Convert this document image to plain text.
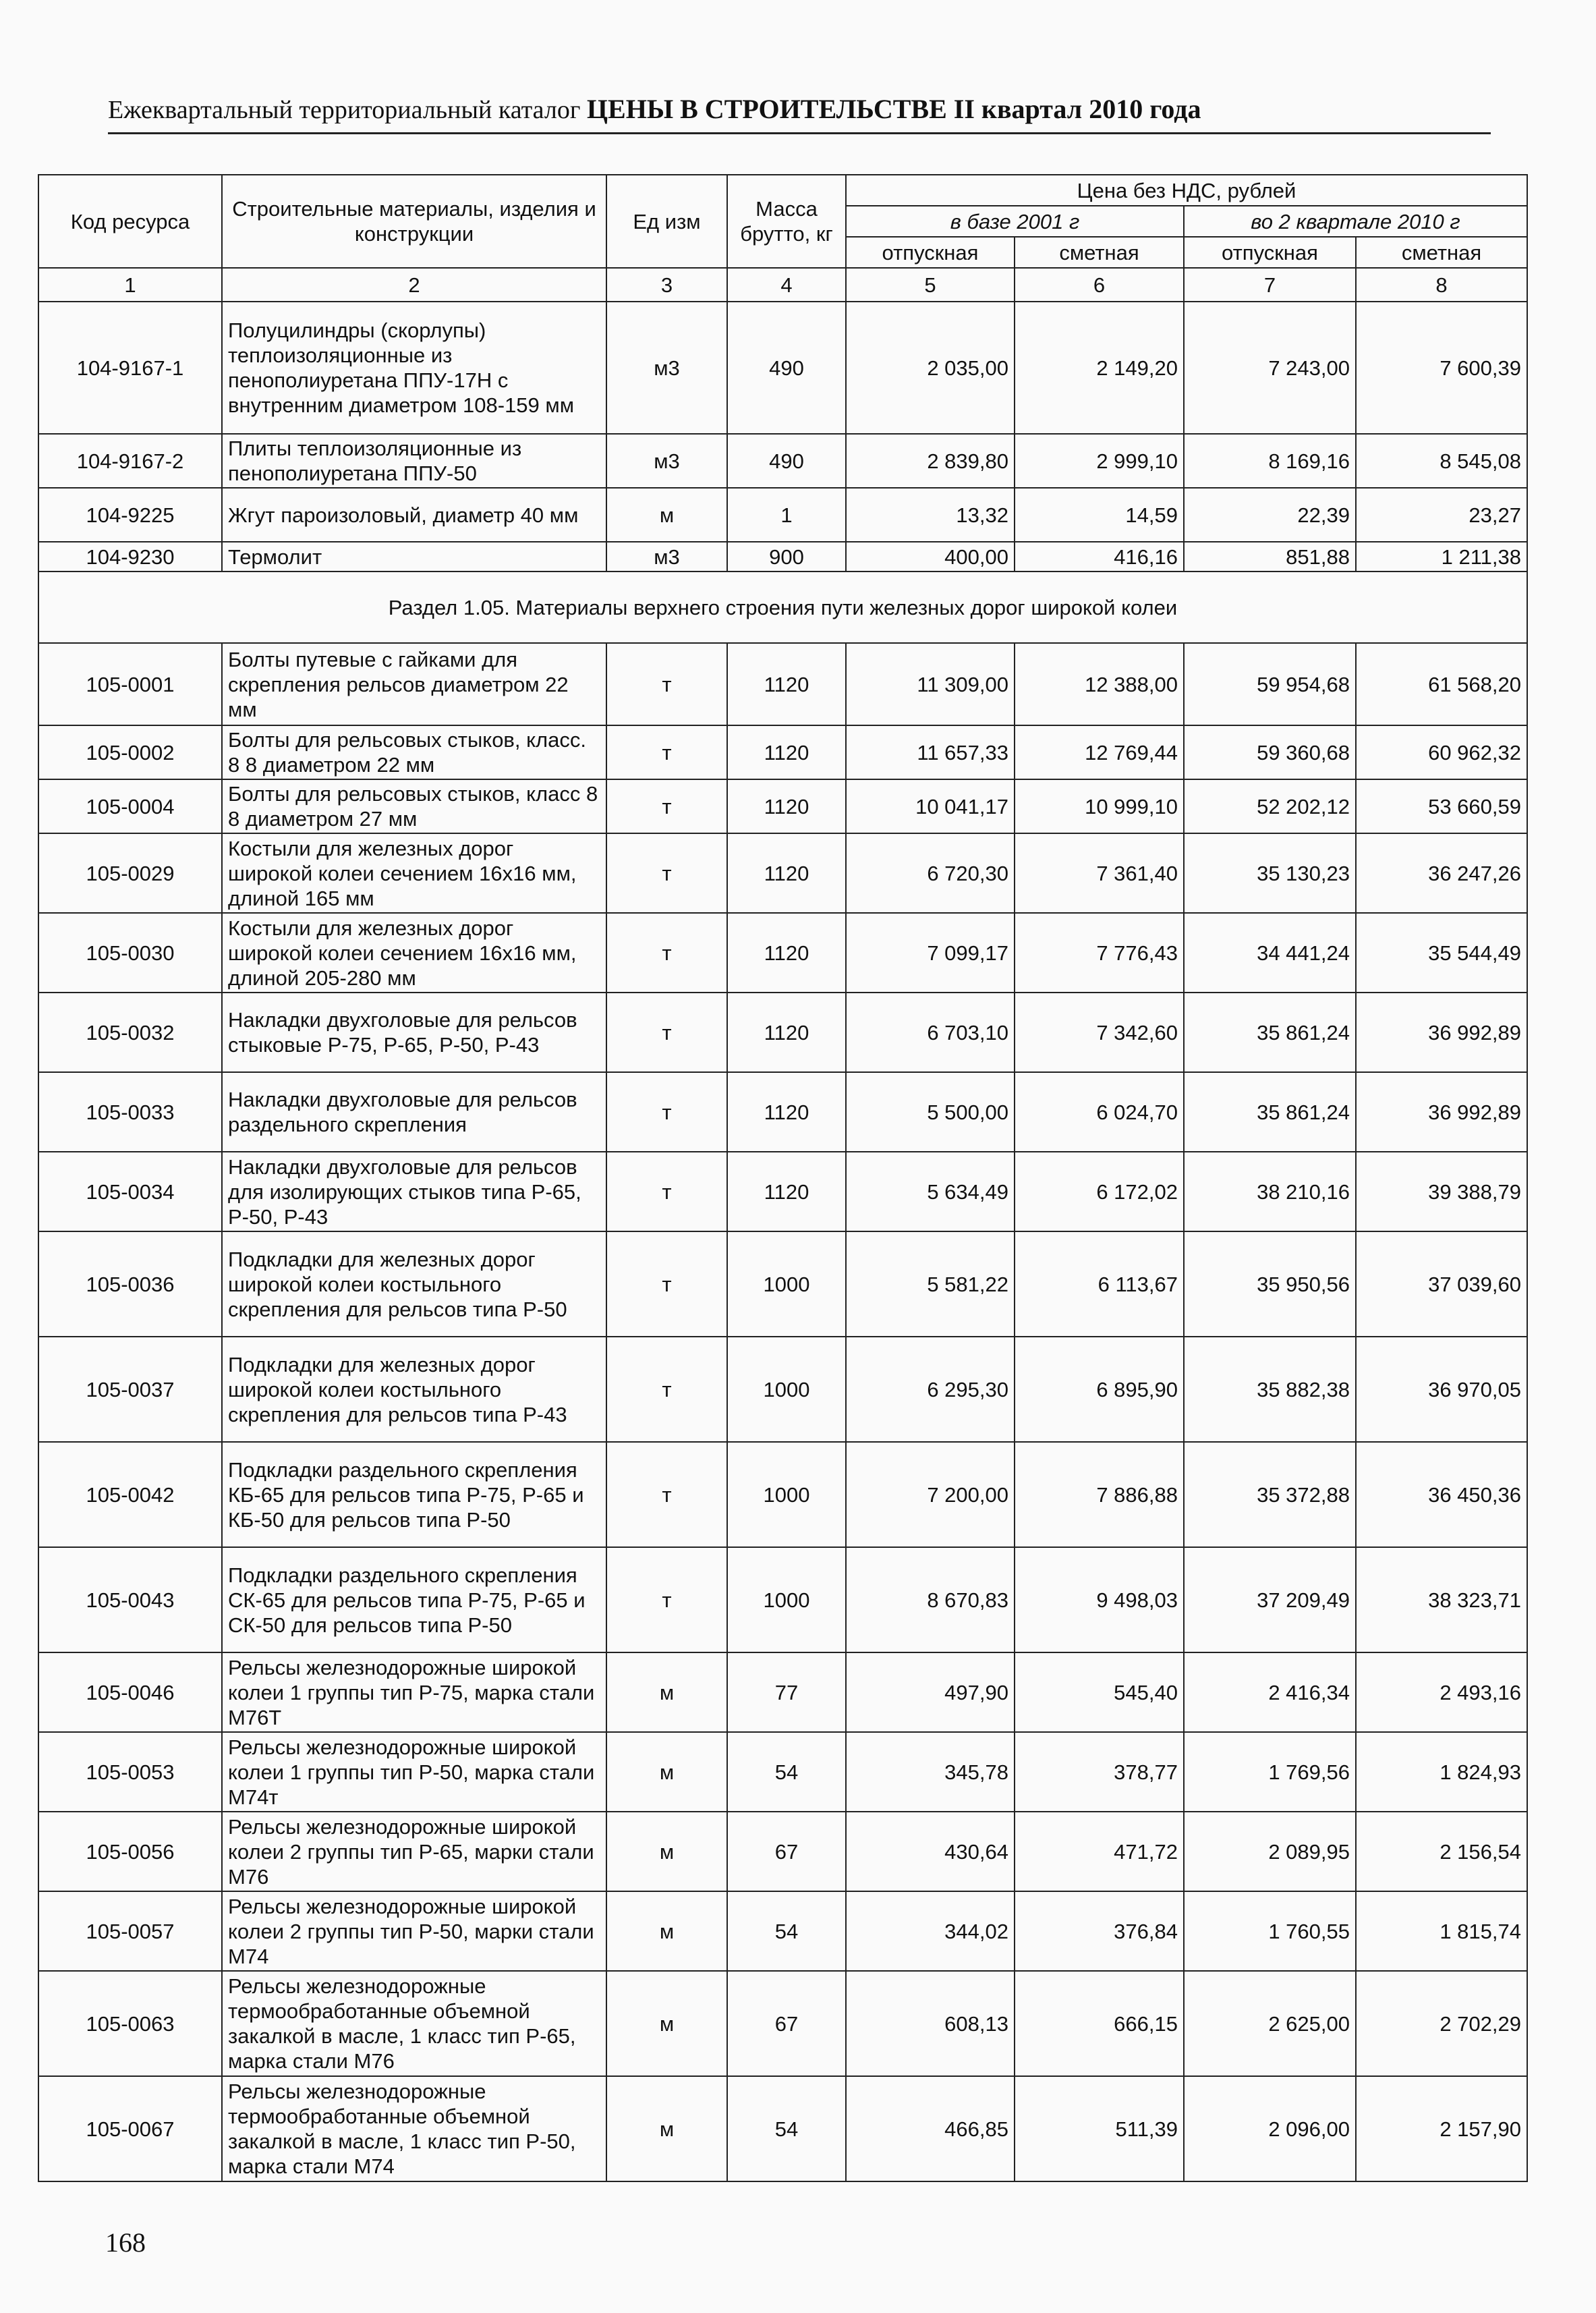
Ежеквартальный территориальный каталог ЦЕНЫ В СТРОИТЕЛЬСТВЕ II квартал 2010 года
Код ресурса	Строительные материалы, изделия и конструкции	Ед изм	Масса брутто, кг	Цена без НДС, рублей			
				в базе 2001 г		во 2 квартале 2010 г	
				отпускная	сметная	отпускная	сметная
1	2	3	4	5	6	7	8
104-9167-1	Полуцилиндры (скорлупы) теплоизоляционные из пенополиуретана ППУ-17Н с внутренним диаметром 108-159 мм	м3	490	2 035,00	2 149,20	7 243,00	7 600,39
104-9167-2	Плиты теплоизоляционные из пенополиуретана ППУ-50	м3	490	2 839,80	2 999,10	8 169,16	8 545,08
104-9225	Жгут пароизоловый, диаметр 40 мм	м	1	13,32	14,59	22,39	23,27
104-9230	Термолит	м3	900	400,00	416,16	851,88	1 211,38
Раздел 1.05. Материалы верхнего строения пути железных дорог широкой колеи							
105-0001	Болты путевые с гайками для скрепления рельсов диаметром 22 мм	т	1120	11 309,00	12 388,00	59 954,68	61 568,20
105-0002	Болты для рельсовых стыков, класс. 8 8 диаметром 22 мм	т	1120	11 657,33	12 769,44	59 360,68	60 962,32
105-0004	Болты для рельсовых стыков, класс 8 8 диаметром 27 мм	т	1120	10 041,17	10 999,10	52 202,12	53 660,59
105-0029	Костыли для железных дорог широкой колеи сечением 16х16 мм, длиной 165 мм	т	1120	6 720,30	7 361,40	35 130,23	36 247,26
105-0030	Костыли для железных дорог широкой колеи сечением 16х16 мм, длиной 205-280 мм	т	1120	7 099,17	7 776,43	34 441,24	35 544,49
105-0032	Накладки двухголовые для рельсов стыковые Р-75, Р-65, Р-50, Р-43	т	1120	6 703,10	7 342,60	35 861,24	36 992,89
105-0033	Накладки двухголовые для рельсов раздельного скрепления	т	1120	5 500,00	6 024,70	35 861,24	36 992,89
105-0034	Накладки двухголовые для рельсов для изолирующих стыков типа Р-65, Р-50, Р-43	т	1120	5 634,49	6 172,02	38 210,16	39 388,79
105-0036	Подкладки для железных дорог широкой колеи костыльного скрепления для рельсов типа Р-50	т	1000	5 581,22	6 113,67	35 950,56	37 039,60
105-0037	Подкладки для железных дорог широкой колеи костыльного скрепления для рельсов типа Р-43	т	1000	6 295,30	6 895,90	35 882,38	36 970,05
105-0042	Подкладки раздельного скрепления КБ-65 для рельсов типа Р-75, Р-65 и КБ-50 для рельсов типа Р-50	т	1000	7 200,00	7 886,88	35 372,88	36 450,36
105-0043	Подкладки раздельного скрепления СК-65 для рельсов типа Р-75, Р-65 и СК-50 для рельсов типа Р-50	т	1000	8 670,83	9 498,03	37 209,49	38 323,71
105-0046	Рельсы железнодорожные широкой колеи 1 группы тип Р-75, марка стали М76Т	м	77	497,90	545,40	2 416,34	2 493,16
105-0053	Рельсы железнодорожные широкой колеи 1 группы тип Р-50, марка стали М74т	м	54	345,78	378,77	1 769,56	1 824,93
105-0056	Рельсы железнодорожные широкой колеи 2 группы тип Р-65, марки стали М76	м	67	430,64	471,72	2 089,95	2 156,54
105-0057	Рельсы железнодорожные широкой колеи 2 группы тип Р-50, марки стали М74	м	54	344,02	376,84	1 760,55	1 815,74
105-0063	Рельсы железнодорожные термообработанные объемной закалкой в масле, 1 класс тип Р-65, марка стали М76	м	67	608,13	666,15	2 625,00	2 702,29
105-0067	Рельсы железнодорожные термообработанные объемной закалкой в масле, 1 класс тип Р-50, марка стали М74	м	54	466,85	511,39	2 096,00	2 157,90
168
